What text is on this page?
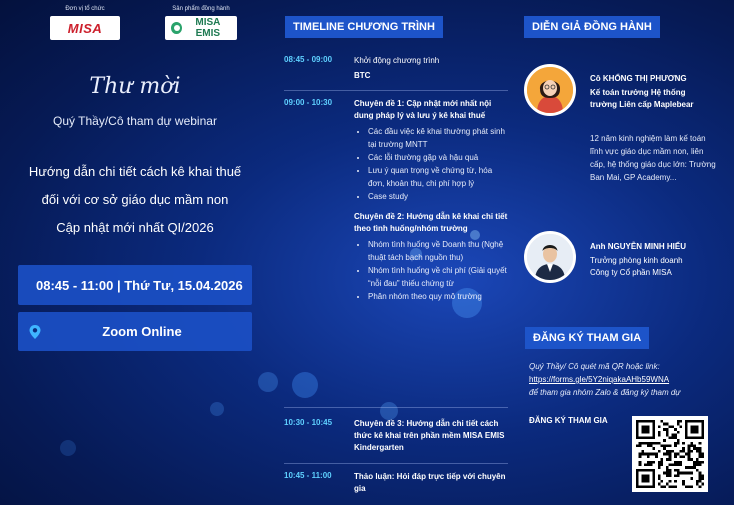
Đơn vị tổ chức
MISA
Sản phẩm đồng hành
MISA EMIS
Thư mời
Quý Thầy/Cô tham dự webinar
Hướng dẫn chi tiết cách kê khai thuế
đối với cơ sở giáo dục mầm non
Cập nhật mới nhất QI/2026
08:45 - 11:00 | Thứ Tư, 15.04.2026
Zoom Online
TIMELINE CHƯƠNG TRÌNH
08:45 - 09:00	Khởi động chương trình
BTC
09:00 - 10:30	Chuyên đề 1: Cập nhật mới nhất nội dung pháp lý và lưu ý kê khai thuế
• Các đầu việc kê khai thường phát sinh tại trường MNTT
• Các lỗi thường gặp và hậu quả
• Lưu ý quan trọng về chứng từ, hóa đơn, khoản thu, chi phí hợp lý
• Case study
Chuyên đề 2: Hướng dẫn kê khai chi tiết theo tình huống/nhóm trường
• Nhóm tình huống về Doanh thu (Nghệ thuật tách bạch nguồn thu)
• Nhóm tình huống về chi phí (Giải quyết “nỗi đau” thiếu chứng từ
• Phân nhóm theo quy mô trường
10:30 - 10:45	Chuyên đề 3: Hướng dẫn chi tiết cách thức kê khai trên phần mềm MISA EMIS Kindergarten
10:45 - 11:00	Thảo luận: Hỏi đáp trực tiếp với chuyên gia
DIỄN GIẢ ĐỒNG HÀNH
Cô KHỔNG THỊ PHƯƠNG
Kế toán trưởng Hệ thống
trường Liên cấp Maplebear
12 năm kinh nghiệm làm kế toán lĩnh vực giáo dục mầm non, liên cấp, hệ thống giáo dục lớn: Trường Ban Mai, GP Academy...
Anh NGUYỄN MINH HIẾU
Trưởng phòng kinh doanh
Công ty Cổ phần MISA
ĐĂNG KÝ THAM GIA
Quý Thầy/ Cô quét mã QR hoặc link:
https://forms.gle/5Y2niqakaAHb59WNA
để tham gia nhóm Zalo & đăng ký tham dự
ĐĂNG KÝ THAM GIA
